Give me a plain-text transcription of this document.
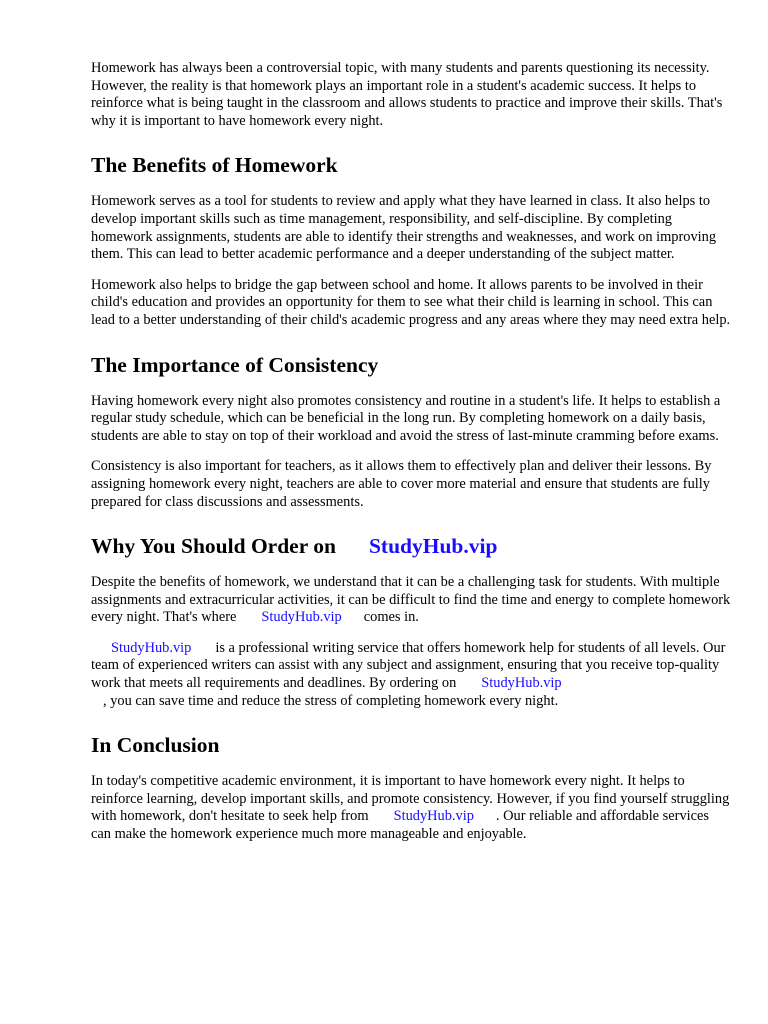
Homework has always been a controversial topic, with many students and parents questioning its necessity. However, the reality is that homework plays an important role in a student's academic success. It helps to reinforce what is being taught in the classroom and allows students to practice and improve their skills. That's why it is important to have homework every night.

The Benefits of Homework

Homework serves as a tool for students to review and apply what they have learned in class. It also helps to develop important skills such as time management, responsibility, and self-discipline. By completing homework assignments, students are able to identify their strengths and weaknesses, and work on improving them. This can lead to better academic performance and a deeper understanding of the subject matter.

Homework also helps to bridge the gap between school and home. It allows parents to be involved in their child's education and provides an opportunity for them to see what their child is learning in school. This can lead to a better understanding of their child's academic progress and any areas where they may need extra help.

The Importance of Consistency

Having homework every night also promotes consistency and routine in a student's life. It helps to establish a regular study schedule, which can be beneficial in the long run. By completing homework on a daily basis, students are able to stay on top of their workload and avoid the stress of last-minute cramming before exams.

Consistency is also important for teachers, as it allows them to effectively plan and deliver their lessons. By assigning homework every night, teachers are able to cover more material and ensure that students are fully prepared for class discussions and assessments.

Why You Should Order on StudyHub.vip

Despite the benefits of homework, we understand that it can be a challenging task for students. With multiple assignments and extracurricular activities, it can be difficult to find the time and energy to complete homework every night. That's where StudyHub.vip comes in.

StudyHub.vip is a professional writing service that offers homework help for students of all levels. Our team of experienced writers can assist with any subject and assignment, ensuring that you receive top-quality work that meets all requirements and deadlines. By ordering on StudyHub.vip
, you can save time and reduce the stress of completing homework every night.

In Conclusion

In today's competitive academic environment, it is important to have homework every night. It helps to reinforce learning, develop important skills, and promote consistency. However, if you find yourself struggling with homework, don't hesitate to seek help from StudyHub.vip . Our reliable and affordable services can make the homework experience much more manageable and enjoyable.
